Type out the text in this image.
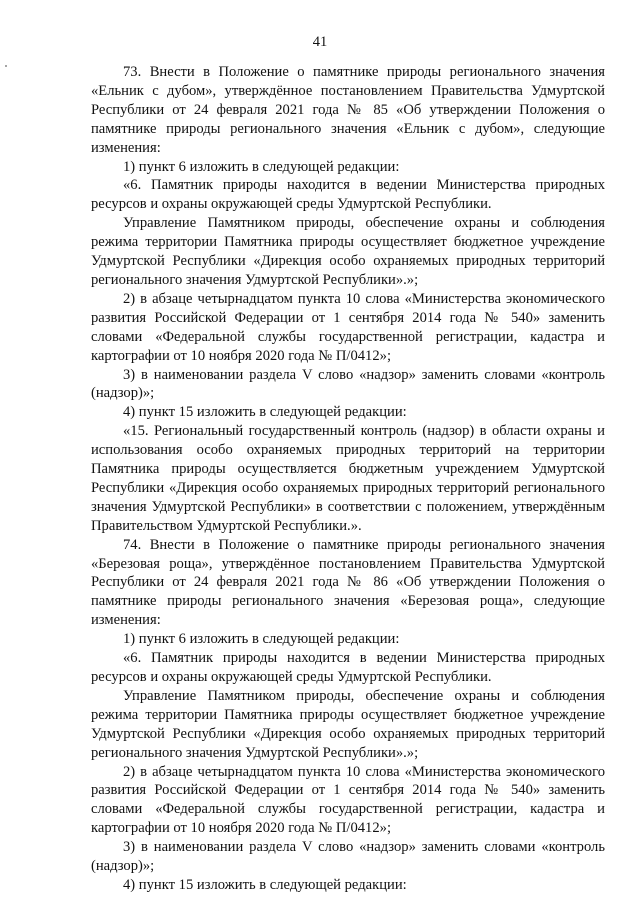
41

73. Внести в Положение о памятнике природы регионального значения «Ельник с дубом», утверждённое постановлением Правительства Удмуртской Республики от 24 февраля 2021 года № 85 «Об утверждении Положения о памятнике природы регионального значения «Ельник с дубом», следующие изменения:

1) пункт 6 изложить в следующей редакции:

«6. Памятник природы находится в ведении Министерства природных ресурсов и охраны окружающей среды Удмуртской Республики.

Управление Памятником природы, обеспечение охраны и соблюдения режима территории Памятника природы осуществляет бюджетное учреждение Удмуртской Республики «Дирекция особо охраняемых природных территорий регионального значения Удмуртской Республики».»;

2) в абзаце четырнадцатом пункта 10 слова «Министерства экономического развития Российской Федерации от 1 сентября 2014 года № 540» заменить словами «Федеральной службы государственной регистрации, кадастра и картографии от 10 ноября 2020 года № П/0412»;

3) в наименовании раздела V слово «надзор» заменить словами «контроль (надзор)»;

4) пункт 15 изложить в следующей редакции:

«15. Региональный государственный контроль (надзор) в области охраны и использования особо охраняемых природных территорий на территории Памятника природы осуществляется бюджетным учреждением Удмуртской Республики «Дирекция особо охраняемых природных территорий регионального значения Удмуртской Республики» в соответствии с положением, утверждённым Правительством Удмуртской Республики.».

74. Внести в Положение о памятнике природы регионального значения «Березовая роща», утверждённое постановлением Правительства Удмуртской Республики от 24 февраля 2021 года № 86 «Об утверждении Положения о памятнике природы регионального значения «Березовая роща», следующие изменения:

1) пункт 6 изложить в следующей редакции:

«6. Памятник природы находится в ведении Министерства природных ресурсов и охраны окружающей среды Удмуртской Республики.

Управление Памятником природы, обеспечение охраны и соблюдения режима территории Памятника природы осуществляет бюджетное учреждение Удмуртской Республики «Дирекция особо охраняемых природных территорий регионального значения Удмуртской Республики».»;

2) в абзаце четырнадцатом пункта 10 слова «Министерства экономического развития Российской Федерации от 1 сентября 2014 года № 540» заменить словами «Федеральной службы государственной регистрации, кадастра и картографии от 10 ноября 2020 года № П/0412»;

3) в наименовании раздела V слово «надзор» заменить словами «контроль (надзор)»;

4) пункт 15 изложить в следующей редакции:
